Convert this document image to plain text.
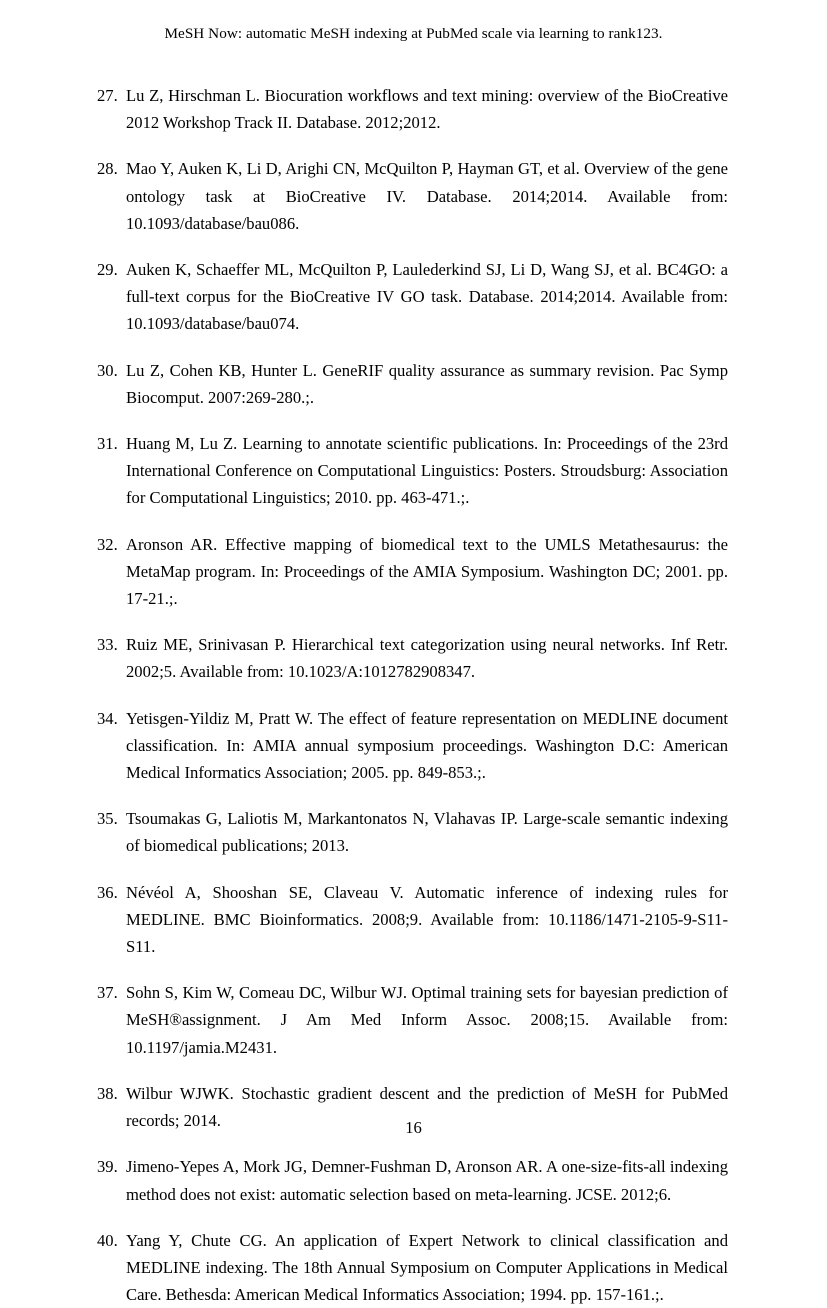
MeSH Now: automatic MeSH indexing at PubMed scale via learning to rank123.
27. Lu Z, Hirschman L. Biocuration workflows and text mining: overview of the BioCreative 2012 Workshop Track II. Database. 2012;2012.
28. Mao Y, Auken K, Li D, Arighi CN, McQuilton P, Hayman GT, et al. Overview of the gene ontology task at BioCreative IV. Database. 2014;2014. Available from: 10.1093/database/bau086.
29. Auken K, Schaeffer ML, McQuilton P, Laulederkind SJ, Li D, Wang SJ, et al. BC4GO: a full-text corpus for the BioCreative IV GO task. Database. 2014;2014. Available from: 10.1093/database/bau074.
30. Lu Z, Cohen KB, Hunter L. GeneRIF quality assurance as summary revision. Pac Symp Biocomput. 2007:269-280.;.
31. Huang M, Lu Z. Learning to annotate scientific publications. In: Proceedings of the 23rd International Conference on Computational Linguistics: Posters. Stroudsburg: Association for Computational Linguistics; 2010. pp. 463-471.;.
32. Aronson AR. Effective mapping of biomedical text to the UMLS Metathesaurus: the MetaMap program. In: Proceedings of the AMIA Symposium. Washington DC; 2001. pp. 17-21.;.
33. Ruiz ME, Srinivasan P. Hierarchical text categorization using neural networks. Inf Retr. 2002;5. Available from: 10.1023/A:1012782908347.
34. Yetisgen-Yildiz M, Pratt W. The effect of feature representation on MEDLINE document classification. In: AMIA annual symposium proceedings. Washington D.C: American Medical Informatics Association; 2005. pp. 849-853.;.
35. Tsoumakas G, Laliotis M, Markantonatos N, Vlahavas IP. Large-scale semantic indexing of biomedical publications; 2013.
36. Névéol A, Shooshan SE, Claveau V. Automatic inference of indexing rules for MEDLINE. BMC Bioinformatics. 2008;9. Available from: 10.1186/1471-2105-9-S11-S11.
37. Sohn S, Kim W, Comeau DC, Wilbur WJ. Optimal training sets for bayesian prediction of MeSH®assignment. J Am Med Inform Assoc. 2008;15. Available from: 10.1197/jamia.M2431.
38. Wilbur WJWK. Stochastic gradient descent and the prediction of MeSH for PubMed records; 2014.
39. Jimeno-Yepes A, Mork JG, Demner-Fushman D, Aronson AR. A one-size-fits-all indexing method does not exist: automatic selection based on meta-learning. JCSE. 2012;6.
40. Yang Y, Chute CG. An application of Expert Network to clinical classification and MEDLINE indexing. The 18th Annual Symposium on Computer Applications in Medical Care. Bethesda: American Medical Informatics Association; 1994. pp. 157-161.;.
16
